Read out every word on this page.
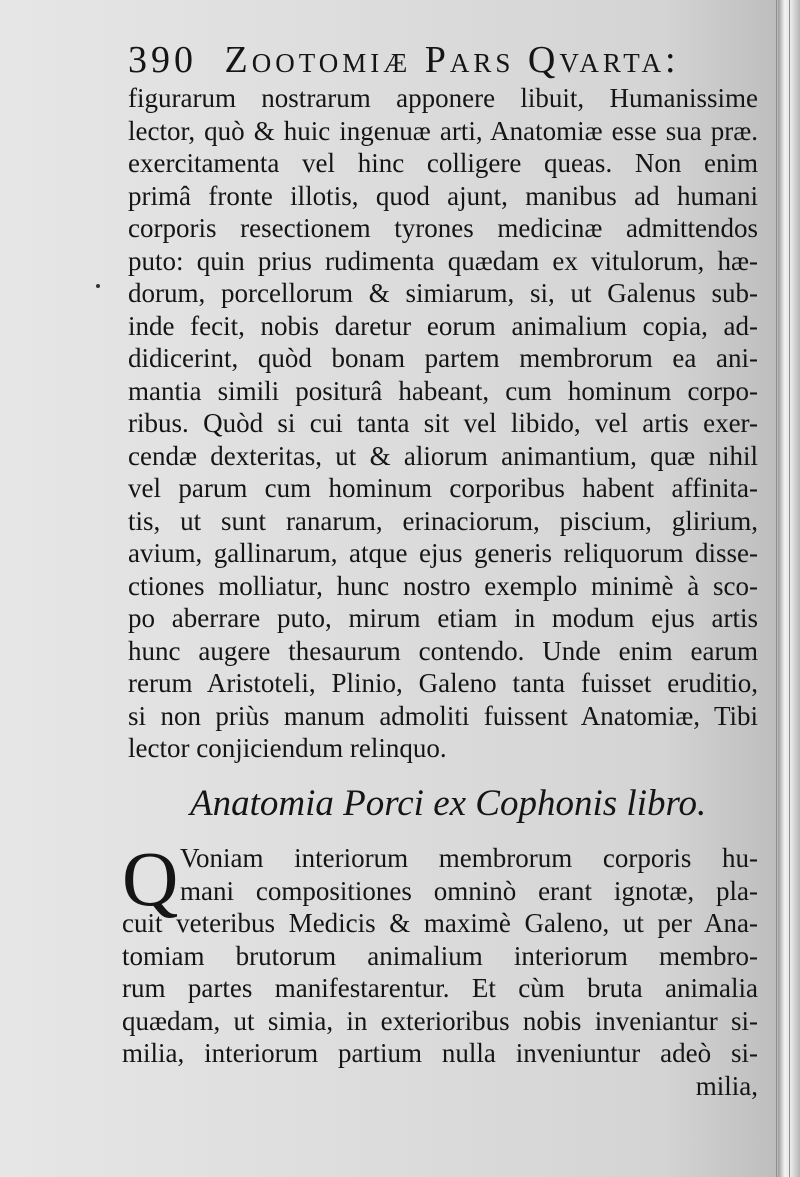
390 Zootomiæ Pars Qvarta:
figurarum nostrarum apponere libuit, Humanissime
lector, quò & huic ingenuæ arti, Anatomiæ esse sua præ.
exercitamenta vel hinc colligere queas. Non enim
primâ fronte illotis, quod ajunt, manibus ad humani
corporis resectionem tyrones medicinæ admittendos
puto: quin prius rudimenta quædam ex vitulorum, hæ-
dorum, porcellorum & simiarum, si, ut Galenus sub-
inde fecit, nobis daretur eorum animalium copia, ad-
didicerint, quòd bonam partem membrorum ea ani-
mantia simili positurâ habeant, cum hominum corpo-
ribus. Quòd si cui tanta sit vel libido, vel artis exer-
cendæ dexteritas, ut & aliorum animantium, quæ nihil
vel parum cum hominum corporibus habent affinita-
tis, ut sunt ranarum, erinaciorum, piscium, glirium,
avium, gallinarum, atque ejus generis reliquorum disse-
ctiones molliatur, hunc nostro exemplo minimè à sco-
po aberrare puto, mirum etiam in modum ejus artis
hunc augere thesaurum contendo. Unde enim earum
rerum Aristoteli, Plinio, Galeno tanta fuisset eruditio,
si non priùs manum admoliti fuissent Anatomiæ, Tibi
lector conjiciendum relinquo.
Anatomia Porci ex Cophonis libro.
Q Voniam interiorum membrorum corporis hu-
mani compositiones omninò erant ignotæ, pla-
cuit veteribus Medicis & maximè Galeno, ut per Ana-
tomiam brutorum animalium interiorum membro-
rum partes manifestarentur. Et cùm bruta animalia
quædam, ut simia, in exterioribus nobis inveniantur si-
milia, interiorum partium nulla inveniuntur adeò si-
milia,
